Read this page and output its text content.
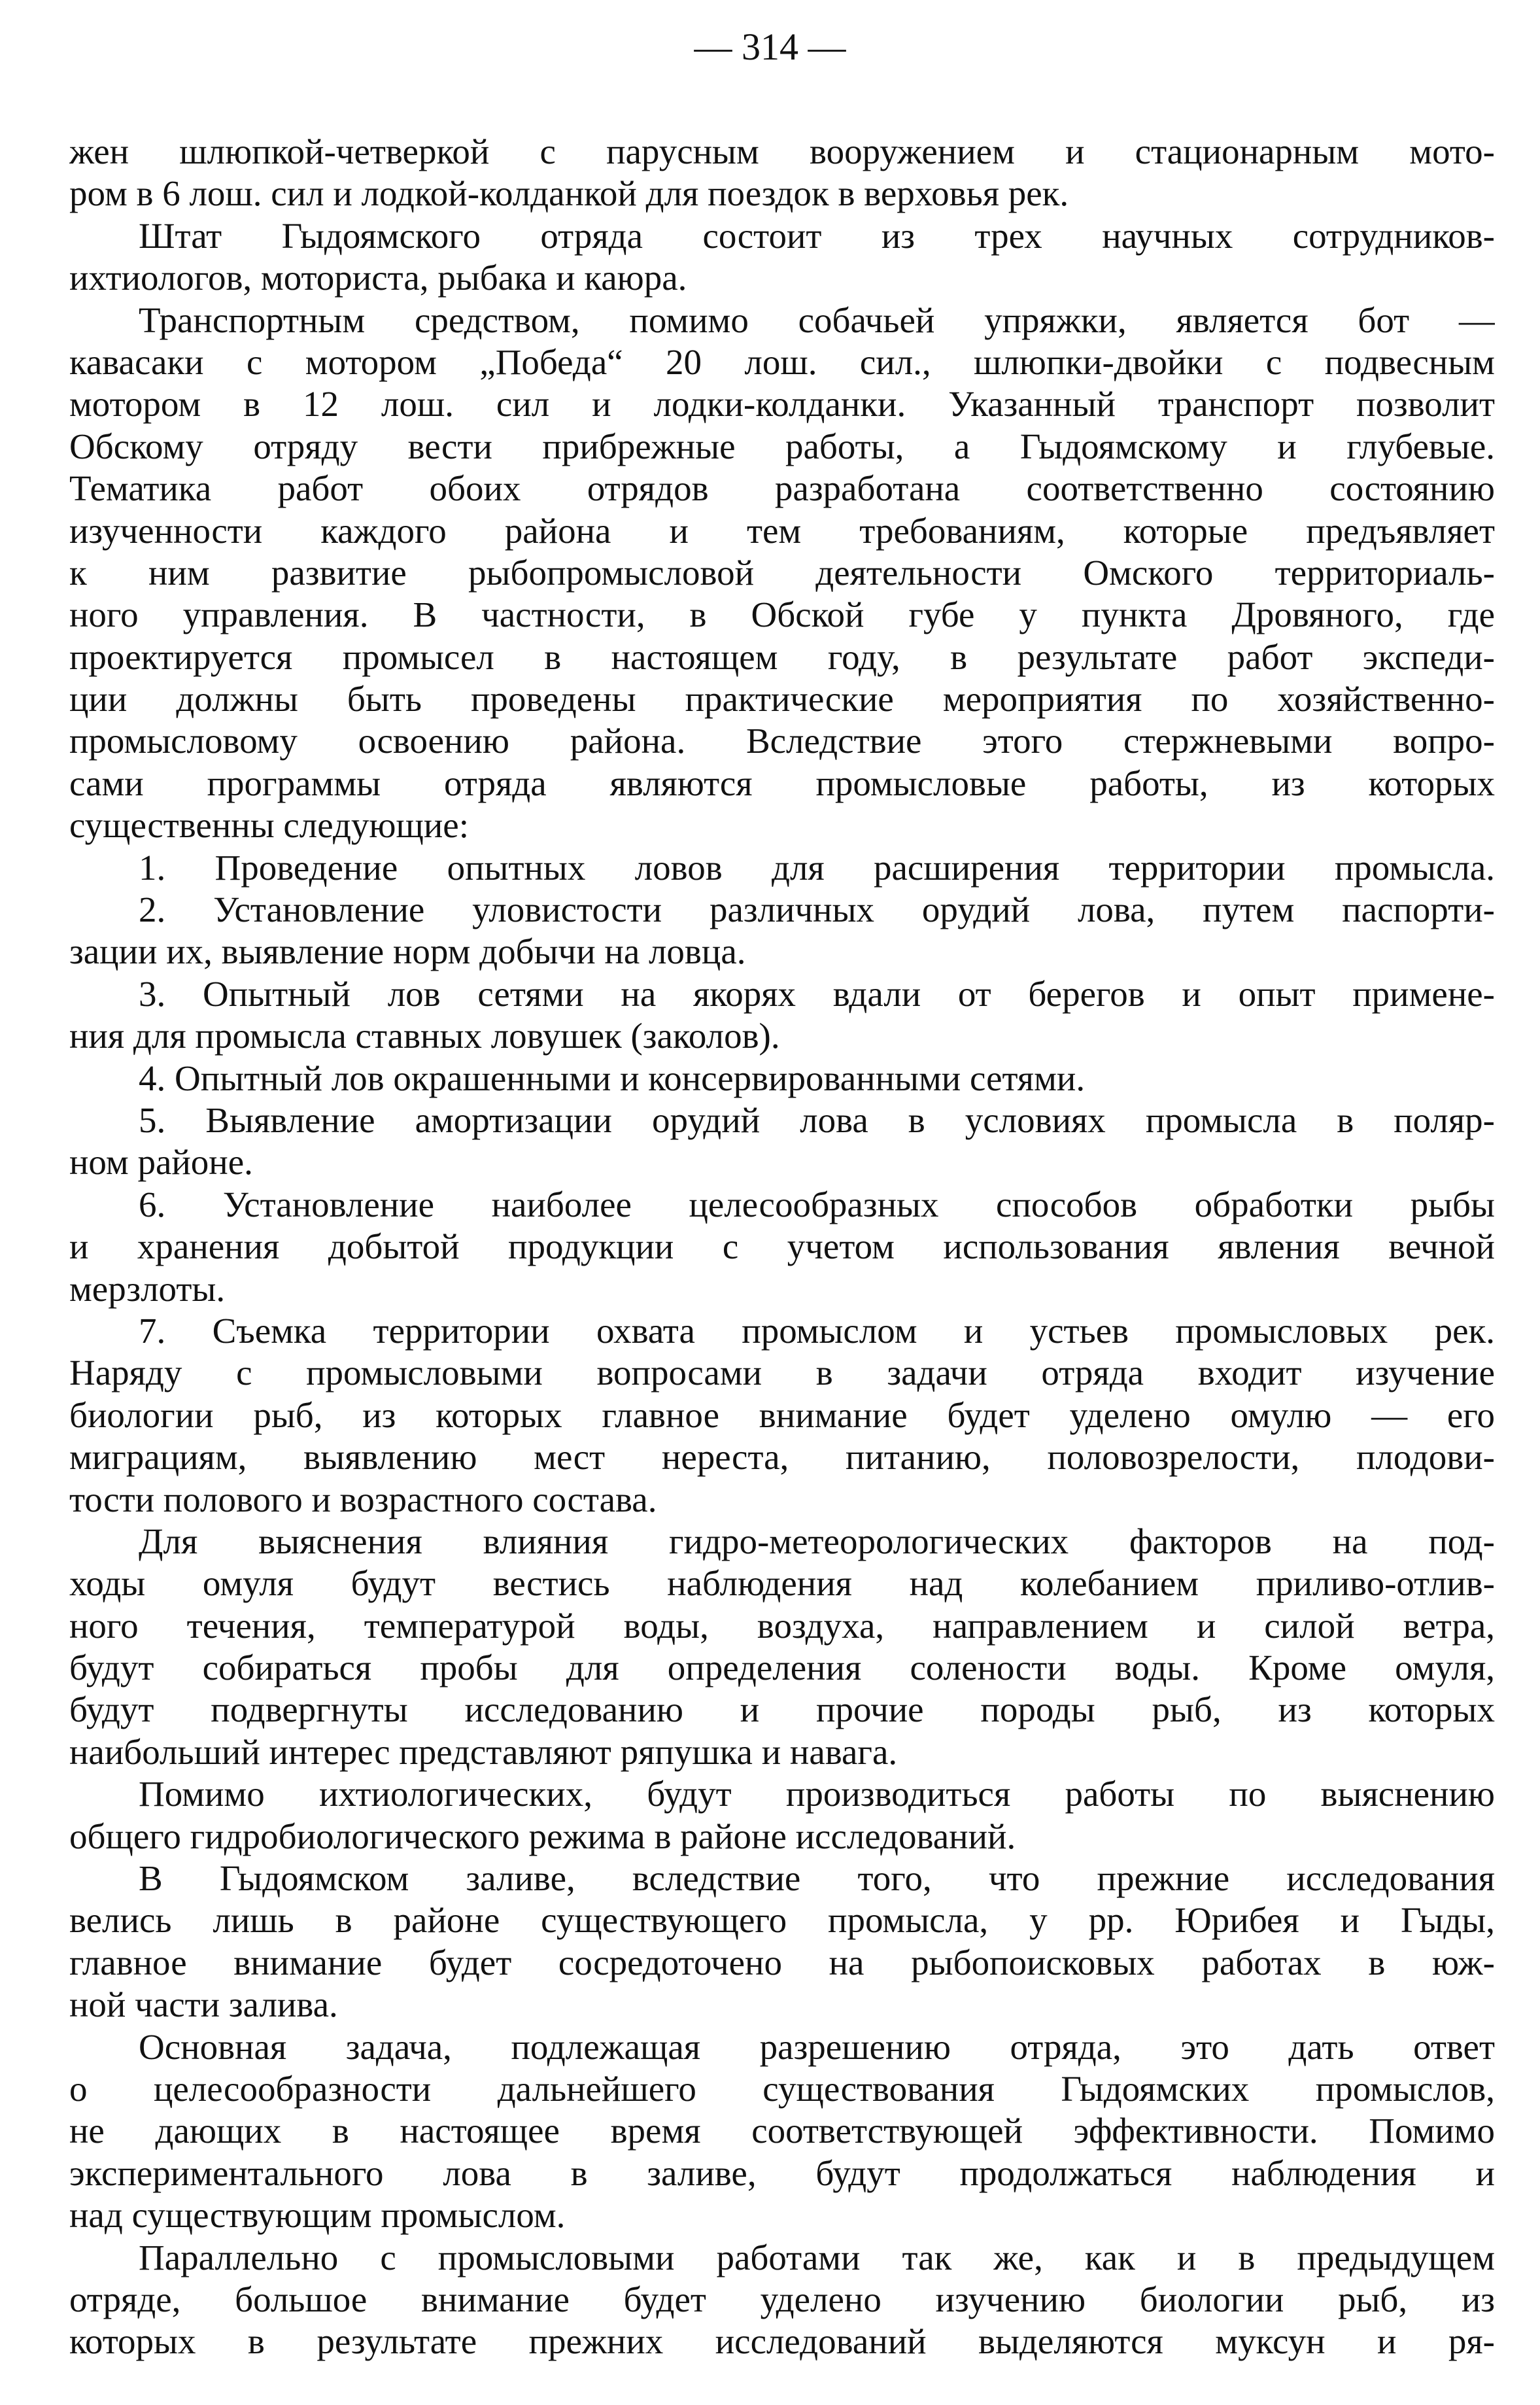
— 314 —
жен шлюпкой-четверкой с парусным вооружением и стационарным мото-
ром в 6 лош. сил и лодкой-колданкой для поездок в верховья рек.
Штат Гыдоямского отряда состоит из трех научных сотрудников-
ихтиологов, моториста, рыбака и каюра.
Транспортным средством, помимо собачьей упряжки, является бот —
кавасаки с мотором „Победа“ 20 лош. сил., шлюпки-двойки с подвесным
мотором в 12 лош. сил и лодки-колданки. Указанный транспорт позволит
Обскому отряду вести прибрежные работы, а Гыдоямскому и глубевые.
Тематика работ обоих отрядов разработана соответственно состоянию
изученности каждого района и тем требованиям, которые предъявляет
к ним развитие рыбопромысловой деятельности Омского территориаль-
ного управления. В частности, в Обской губе у пункта Дровяного, где
проектируется промысел в настоящем году, в результате работ экспеди-
ции должны быть проведены практические мероприятия по хозяйственно-
промысловому освоению района. Вследствие этого стержневыми вопро-
сами программы отряда являются промысловые работы, из которых
существенны следующие:
1. Проведение опытных ловов для расширения территории промысла.
2. Установление уловистости различных орудий лова, путем паспорти-
зации их, выявление норм добычи на ловца.
3. Опытный лов сетями на якорях вдали от берегов и опыт примене-
ния для промысла ставных ловушек (заколов).
4. Опытный лов окрашенными и консервированными сетями.
5. Выявление амортизации орудий лова в условиях промысла в поляр-
ном районе.
6. Установление наиболее целесообразных способов обработки рыбы
и хранения добытой продукции с учетом использования явления вечной
мерзлоты.
7. Съемка территории охвата промыслом и устьев промысловых рек.
Наряду с промысловыми вопросами в задачи отряда входит изучение
биологии рыб, из которых главное внимание будет уделено омулю — его
миграциям, выявлению мест нереста, питанию, половозрелости, плодови-
тости полового и возрастного состава.
Для выяснения влияния гидро-метеорологических факторов на под-
ходы омуля будут вестись наблюдения над колебанием приливо-отлив-
ного течения, температурой воды, воздуха, направлением и силой ветра,
будут собираться пробы для определения солености воды. Кроме омуля,
будут подвергнуты исследованию и прочие породы рыб, из которых
наибольший интерес представляют ряпушка и навага.
Помимо ихтиологических, будут производиться работы по выяснению
общего гидробиологического режима в районе исследований.
В Гыдоямском заливе, вследствие того, что прежние исследования
велись лишь в районе существующего промысла, у рр. Юрибея и Гыды,
главное внимание будет сосредоточено на рыбопоисковых работах в юж-
ной части залива.
Основная задача, подлежащая разрешению отряда, это дать ответ
о целесообразности дальнейшего существования Гыдоямских промыслов,
не дающих в настоящее время соответствующей эффективности. Помимо
экспериментального лова в заливе, будут продолжаться наблюдения и
над существующим промыслом.
Параллельно с промысловыми работами так же, как и в предыдущем
отряде, большое внимание будет уделено изучению биологии рыб, из
которых в результате прежних исследований выделяются муксун и ря-
